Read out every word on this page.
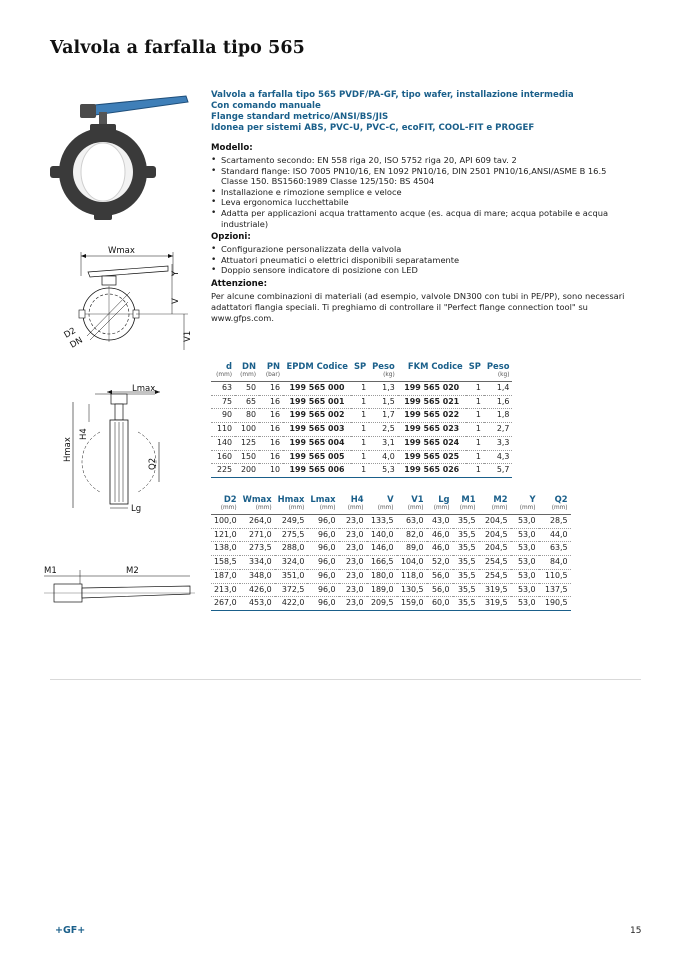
Valvola a farfalla tipo 565
Wmax
Y
V
V1
D2
DN
Lmax
Hmax
H4
Q2
Lg
M1	M2
Valvola a farfalla tipo 565 PVDF/PA-GF, tipo wafer, installazione intermedia
Con comando manuale
Flange standard metrico/ANSI/BS/JIS
Idonea per sistemi ABS, PVC-U, PVC-C, ecoFIT, COOL-FIT e PROGEF
Modello:
• Scartamento secondo: EN 558 riga 20, ISO 5752 riga 20, API 609 tav. 2
• Standard flange: ISO 7005 PN10/16, EN 1092 PN10/16, DIN 2501 PN10/16,ANSI/ASME B 16.5 Classe 150. BS1560:1989 Classe 125/150: BS 4504
• Installazione e rimozione semplice e veloce
• Leva ergonomica lucchettabile
• Adatta per applicazioni acqua trattamento acque (es. acqua di mare; acqua potabile e acqua industriale)
Opzioni:
• Configurazione personalizzata della valvola
• Attuatori pneumatici o elettrici disponibili separatamente
• Doppio sensore indicatore di posizione con LED
Attenzione:
Per alcune combinazioni di materiali (ad esempio, valvole DN300 con tubi in PE/PP), sono necessari adattatori flangia speciali. Ti preghiamo di controllare il "Perfect flange connection tool" su www.gfps.com.
d	DN	PN	EPDM Codice	SP	Peso	FKM Codice	SP	Peso
(mm)	(mm)	(bar)			(kg)			(kg)
63	50	16	199 565 000	1	1,3	199 565 020	1	1,4
75	65	16	199 565 001	1	1,5	199 565 021	1	1,6
90	80	16	199 565 002	1	1,7	199 565 022	1	1,8
110	100	16	199 565 003	1	2,5	199 565 023	1	2,7
140	125	16	199 565 004	1	3,1	199 565 024	1	3,3
160	150	16	199 565 005	1	4,0	199 565 025	1	4,3
225	200	10	199 565 006	1	5,3	199 565 026	1	5,7
D2	Wmax	Hmax	Lmax	H4	V	V1	Lg	M1	M2	Y	Q2
(mm)	(mm)	(mm)	(mm)	(mm)	(mm)	(mm)	(mm)	(mm)	(mm)	(mm)	(mm)
100,0	264,0	249,5	96,0	23,0	133,5	63,0	43,0	35,5	204,5	53,0	28,5
121,0	271,0	275,5	96,0	23,0	140,0	82,0	46,0	35,5	204,5	53,0	44,0
138,0	273,5	288,0	96,0	23,0	146,0	89,0	46,0	35,5	204,5	53,0	63,5
158,5	334,0	324,0	96,0	23,0	166,5	104,0	52,0	35,5	254,5	53,0	84,0
187,0	348,0	351,0	96,0	23,0	180,0	118,0	56,0	35,5	254,5	53,0	110,5
213,0	426,0	372,5	96,0	23,0	189,0	130,5	56,0	35,5	319,5	53,0	137,5
267,0	453,0	422,0	96,0	23,0	209,5	159,0	60,0	35,5	319,5	53,0	190,5
+GF+	15
